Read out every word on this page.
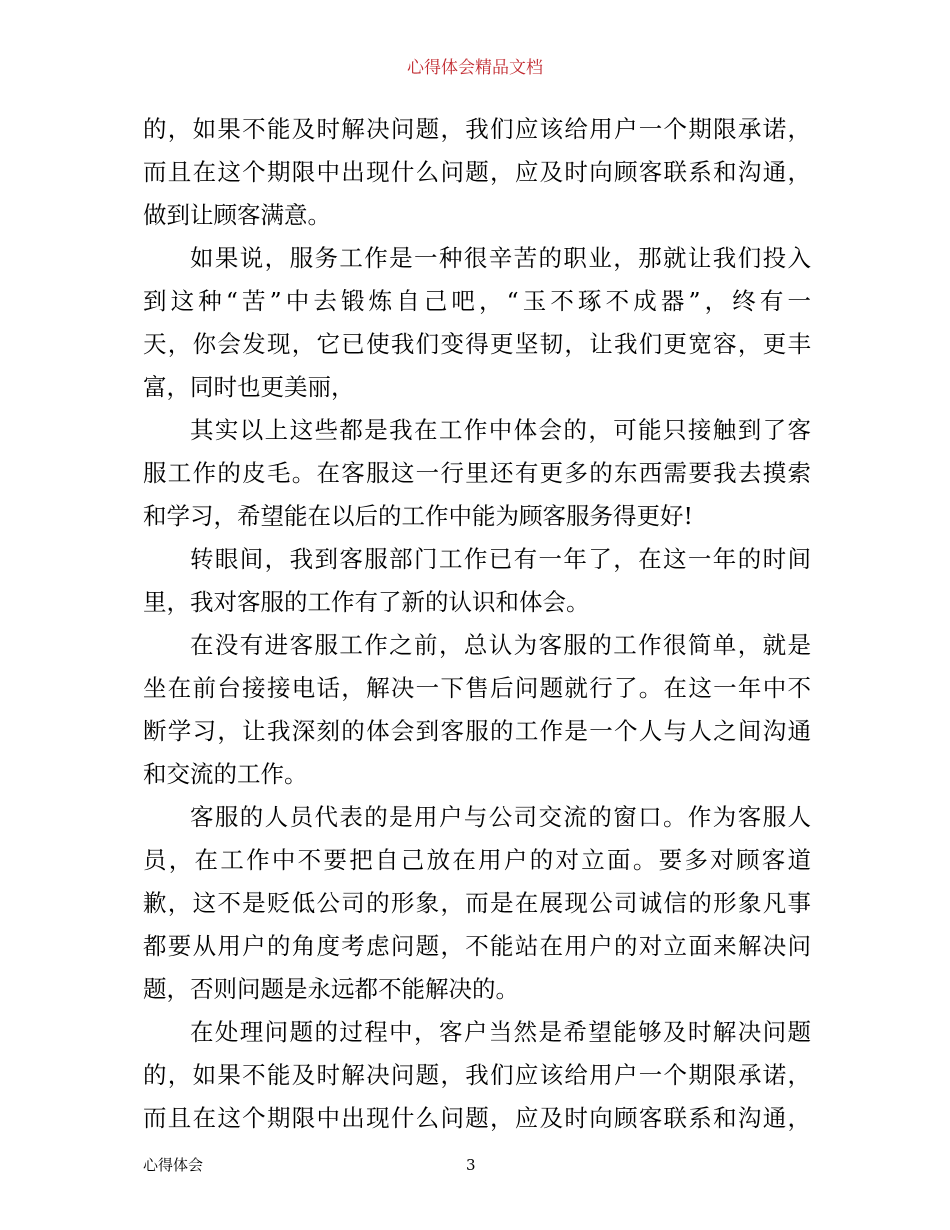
心得体会精品文档
的，如果不能及时解决问题，我们应该给用户一个期限承诺，
而且在这个期限中出现什么问题，应及时向顾客联系和沟通，
做到让顾客满意。
如果说，服务工作是一种很辛苦的职业，那就让我们投入
到这种“苦”中去锻炼自己吧，“玉不琢不成器”，终有一
天，你会发现，它已使我们变得更坚韧，让我们更宽容，更丰
富，同时也更美丽，
其实以上这些都是我在工作中体会的，可能只接触到了客
服工作的皮毛。在客服这一行里还有更多的东西需要我去摸索
和学习，希望能在以后的工作中能为顾客服务得更好!
转眼间，我到客服部门工作已有一年了，在这一年的时间
里，我对客服的工作有了新的认识和体会。
在没有进客服工作之前，总认为客服的工作很简单，就是
坐在前台接接电话，解决一下售后问题就行了。在这一年中不
断学习，让我深刻的体会到客服的工作是一个人与人之间沟通
和交流的工作。
客服的人员代表的是用户与公司交流的窗口。作为客服人
员，在工作中不要把自己放在用户的对立面。要多对顾客道
歉，这不是贬低公司的形象，而是在展现公司诚信的形象凡事
都要从用户的角度考虑问题，不能站在用户的对立面来解决问
题，否则问题是永远都不能解决的。
在处理问题的过程中，客户当然是希望能够及时解决问题
的，如果不能及时解决问题，我们应该给用户一个期限承诺，
而且在这个期限中出现什么问题，应及时向顾客联系和沟通，
心得体会	3
